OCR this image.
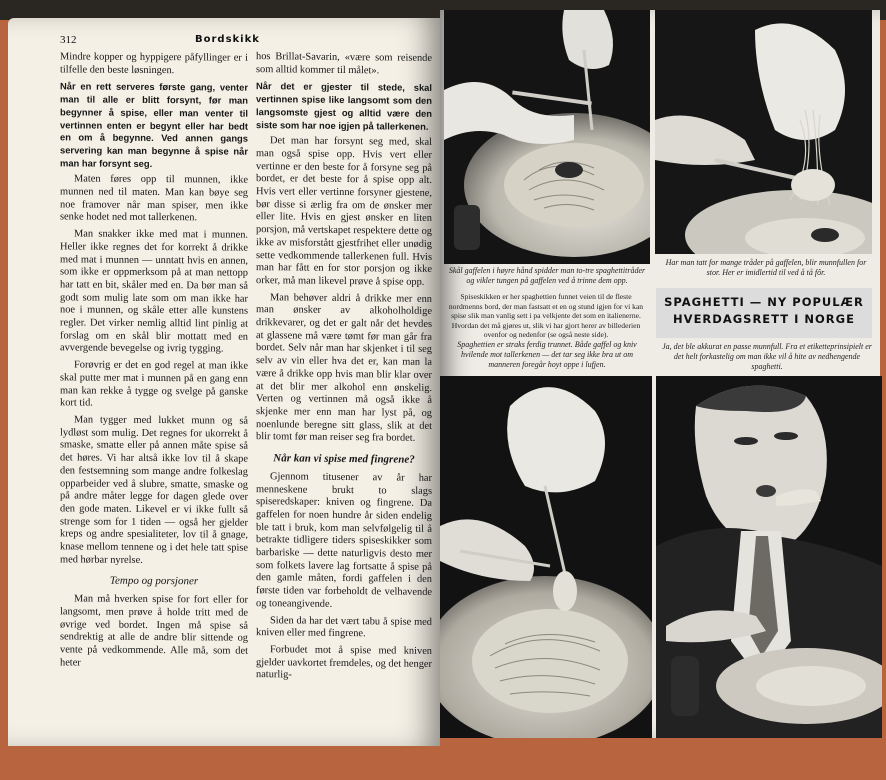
312	Bordskikk

Mindre kopper og hyppigere påfyllinger er i tilfelle den beste løsningen.

Når en rett serveres første gang, venter man til alle er blitt forsynt, før man begynner å spise, eller man venter til vertinnen enten er begynt eller har bedt en om å begynne. Ved annen gangs servering kan man begynne å spise når man har forsynt seg.

Maten føres opp til munnen, ikke munnen ned til maten. Man kan bøye seg noe framover når man spiser, men ikke senke hodet ned mot tallerkenen.

Man snakker ikke med mat i munnen. Heller ikke regnes det for korrekt å drikke med mat i munnen — unntatt hvis en annen, som ikke er oppmerksom på at man nettopp har tatt en bit, skåler med en. Da bør man så godt som mulig late som om man ikke har noe i munnen, og skåle etter alle kunstens regler. Det virker nemlig alltid lint pinlig at forslag om en skål blir mottatt med en avvergende bevegelse og ivrig tygging.

Forøvrig er det en god regel at man ikke skal putte mer mat i munnen på en gang enn man kan rekke å tygge og svelge på ganske kort tid.

Man tygger med lukket munn og så lydløst som mulig. Det regnes for ukorrekt å smaske, smatte eller på annen måte spise så det høres. Vi har altså ikke lov til å skape den festsemning som mange andre folkeslag opparbeider ved å slubre, smatte, smaske og på andre måter legge for dagen glede over den gode maten. Likevel er vi ikke fullt så strenge som for 1 tiden — også her gjelder kreps og andre spesialiteter, lov til å gnage, knase mellom tennene og i det hele tatt spise med hørbar nyrelse.

Tempo og porsjoner

Man må hverken spise for fort eller for langsomt, men prøve å holde tritt med de øvrige ved bordet. Ingen må spise så sendrektig at alle de andre blir sittende og vente på vedkommende. Alle må, som det heter

hos Brillat-Savarin, «være som reisende som alltid kommer til målet».

Når det er gjester til stede, skal vertinnen spise like langsomt som den langsomste gjest og alltid være den siste som har noe igjen på tallerkenen.

Det man har forsynt seg med, skal man også spise opp. Hvis vert eller vertinne er den beste for å forsyne seg på bordet, er det beste for å spise opp alt. Hvis vert eller vertinne forsyner gjestene, bør disse si ærlig fra om de ønsker mer eller lite. Hvis en gjest ønsker en liten porsjon, må vertskapet respektere dette og ikke av misforstått gjestfrihet eller unødig sette vedkommende tallerkenen full. Hvis man har fått en for stor porsjon og ikke orker, må man likevel prøve å spise opp.

Man behøver aldri å drikke mer enn man ønsker av alkoholholdige drikkevarer, og det er galt når det hevdes at glassene må være tømt før man går fra bordet. Selv når man har skjenket i til seg selv av vin eller hva det er, kan man la være å drikke opp hvis man blir klar over at det blir mer alkohol enn ønskelig. Verten og vertinnen må også ikke å skjenke mer enn man har lyst på, og noenlunde beregne sitt glass, slik at det blir tomt før man reiser seg fra bordet.

Når kan vi spise med fingrene?

Gjennom titusener av år har menneskene brukt to slags spiseredskaper: kniven og fingrene. Da gaffelen for noen hundre år siden endelig ble tatt i bruk, kom man selvfølgelig til å betrakte tidligere tiders spiseskikker som barbariske — dette naturligvis desto mer som folkets lavere lag fortsatte å spise på den gamle måten, fordi gaffelen i den første tiden var forbeholdt de velhavende og toneangivende.

Siden da har det vært tabu å spise med kniven eller med fingrene.

Forbudet mot å spise med kniven gjelder uavkortet fremdeles, og det henger naturlig-

Skål gaffelen i høyre hånd spidder man to-tre spaghettitråder og vikler tungen på gaffelen ved å trinne dem opp.
Har man tatt for mange tråder på gaffelen, blir munnfullen for stor. Her er imidlertid til ved å tå fôr.
Spiseskikken er her spaghettien funnet veien til de fleste nordmenns bord, der man fastsatt et en og stund igjen for vi kan spise slik man vanlig sett i pa velkjente det som en italienerne. Hvordan det må gjøres ut, slik vi har gjort herer av billederien ovenfor og nedenfor (se også neste side).
Spaghettien er straks ferdig trunnet. Både gaffel og kniv hvilende mot tallerkenen — det tar seg ikke bra ut om manneren foregår hoyt oppe i lufjen.
SPAGHETTI — NY POPULÆR
HVERDAGSRETT I NORGE
Ja, det ble akkurat en passe munnfull. Fra et etiketteprinsipielt er det helt forkastelig om man ikke vil å hite av nedhengende spaghetti.
